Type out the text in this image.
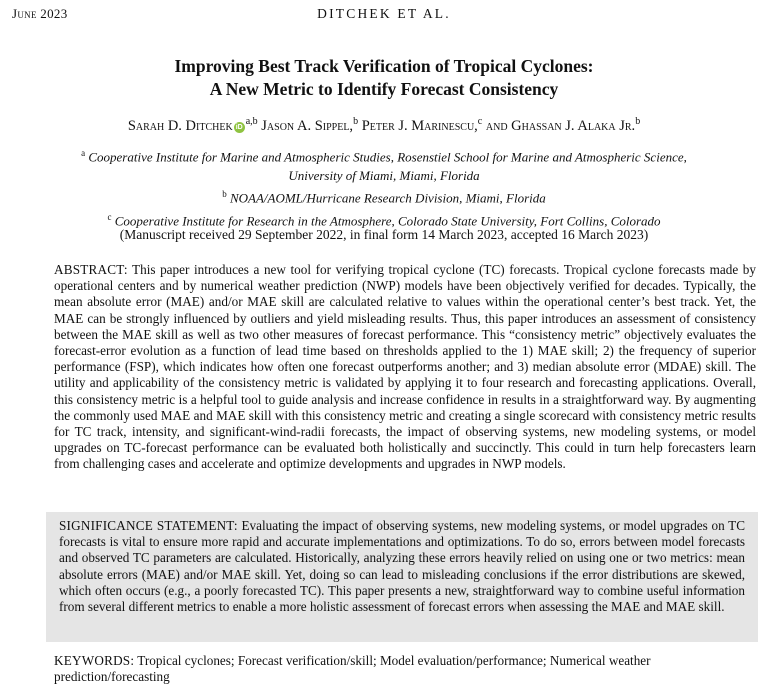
June 2023	DITCHEK ET AL.
Improving Best Track Verification of Tropical Cyclones:
A New Metric to Identify Forecast Consistency
Sarah D. Ditchek iD$^{a,b}$ Jason A. Sippel,$^b$ Peter J. Marinescu,$^c$ and Ghassan J. Alaka Jr.$^b$
$^a$ Cooperative Institute for Marine and Atmospheric Studies, Rosenstiel School for Marine and Atmospheric Science,
University of Miami, Miami, Florida
$^b$ NOAA/AOML/Hurricane Research Division, Miami, Florida
$^c$ Cooperative Institute for Research in the Atmosphere, Colorado State University, Fort Collins, Colorado
(Manuscript received 29 September 2022, in final form 14 March 2023, accepted 16 March 2023)
ABSTRACT: This paper introduces a new tool for verifying tropical cyclone (TC) forecasts. Tropical cyclone forecasts made by operational centers and by numerical weather prediction (NWP) models have been objectively verified for decades. Typically, the mean absolute error (MAE) and/or MAE skill are calculated relative to values within the operational center’s best track. Yet, the MAE can be strongly influenced by outliers and yield misleading results. Thus, this paper introduces an assessment of consistency between the MAE skill as well as two other measures of forecast performance. This “consistency metric” objectively evaluates the forecast-error evolution as a function of lead time based on thresholds applied to the 1) MAE skill; 2) the frequency of superior performance (FSP), which indicates how often one forecast outperforms another; and 3) median absolute error (MDAE) skill. The utility and applicability of the consistency metric is validated by applying it to four research and forecasting applications. Overall, this consistency metric is a helpful tool to guide analysis and increase confidence in results in a straightforward way. By augmenting the commonly used MAE and MAE skill with this consistency metric and creating a single scorecard with consistency metric results for TC track, intensity, and significant-wind-radii forecasts, the impact of observing systems, new modeling systems, or model upgrades on TC-forecast performance can be evaluated both holistically and succinctly. This could in turn help forecasters learn from challenging cases and accelerate and optimize developments and upgrades in NWP models.
SIGNIFICANCE STATEMENT: Evaluating the impact of observing systems, new modeling systems, or model upgrades on TC forecasts is vital to ensure more rapid and accurate implementations and optimizations. To do so, errors between model forecasts and observed TC parameters are calculated. Historically, analyzing these errors heavily relied on using one or two metrics: mean absolute errors (MAE) and/or MAE skill. Yet, doing so can lead to misleading conclusions if the error distributions are skewed, which often occurs (e.g., a poorly forecasted TC). This paper presents a new, straightforward way to combine useful information from several different metrics to enable a more holistic assessment of forecast errors when assessing the MAE and MAE skill.
KEYWORDS: Tropical cyclones; Forecast verification/skill; Model evaluation/performance; Numerical weather prediction/forecasting
